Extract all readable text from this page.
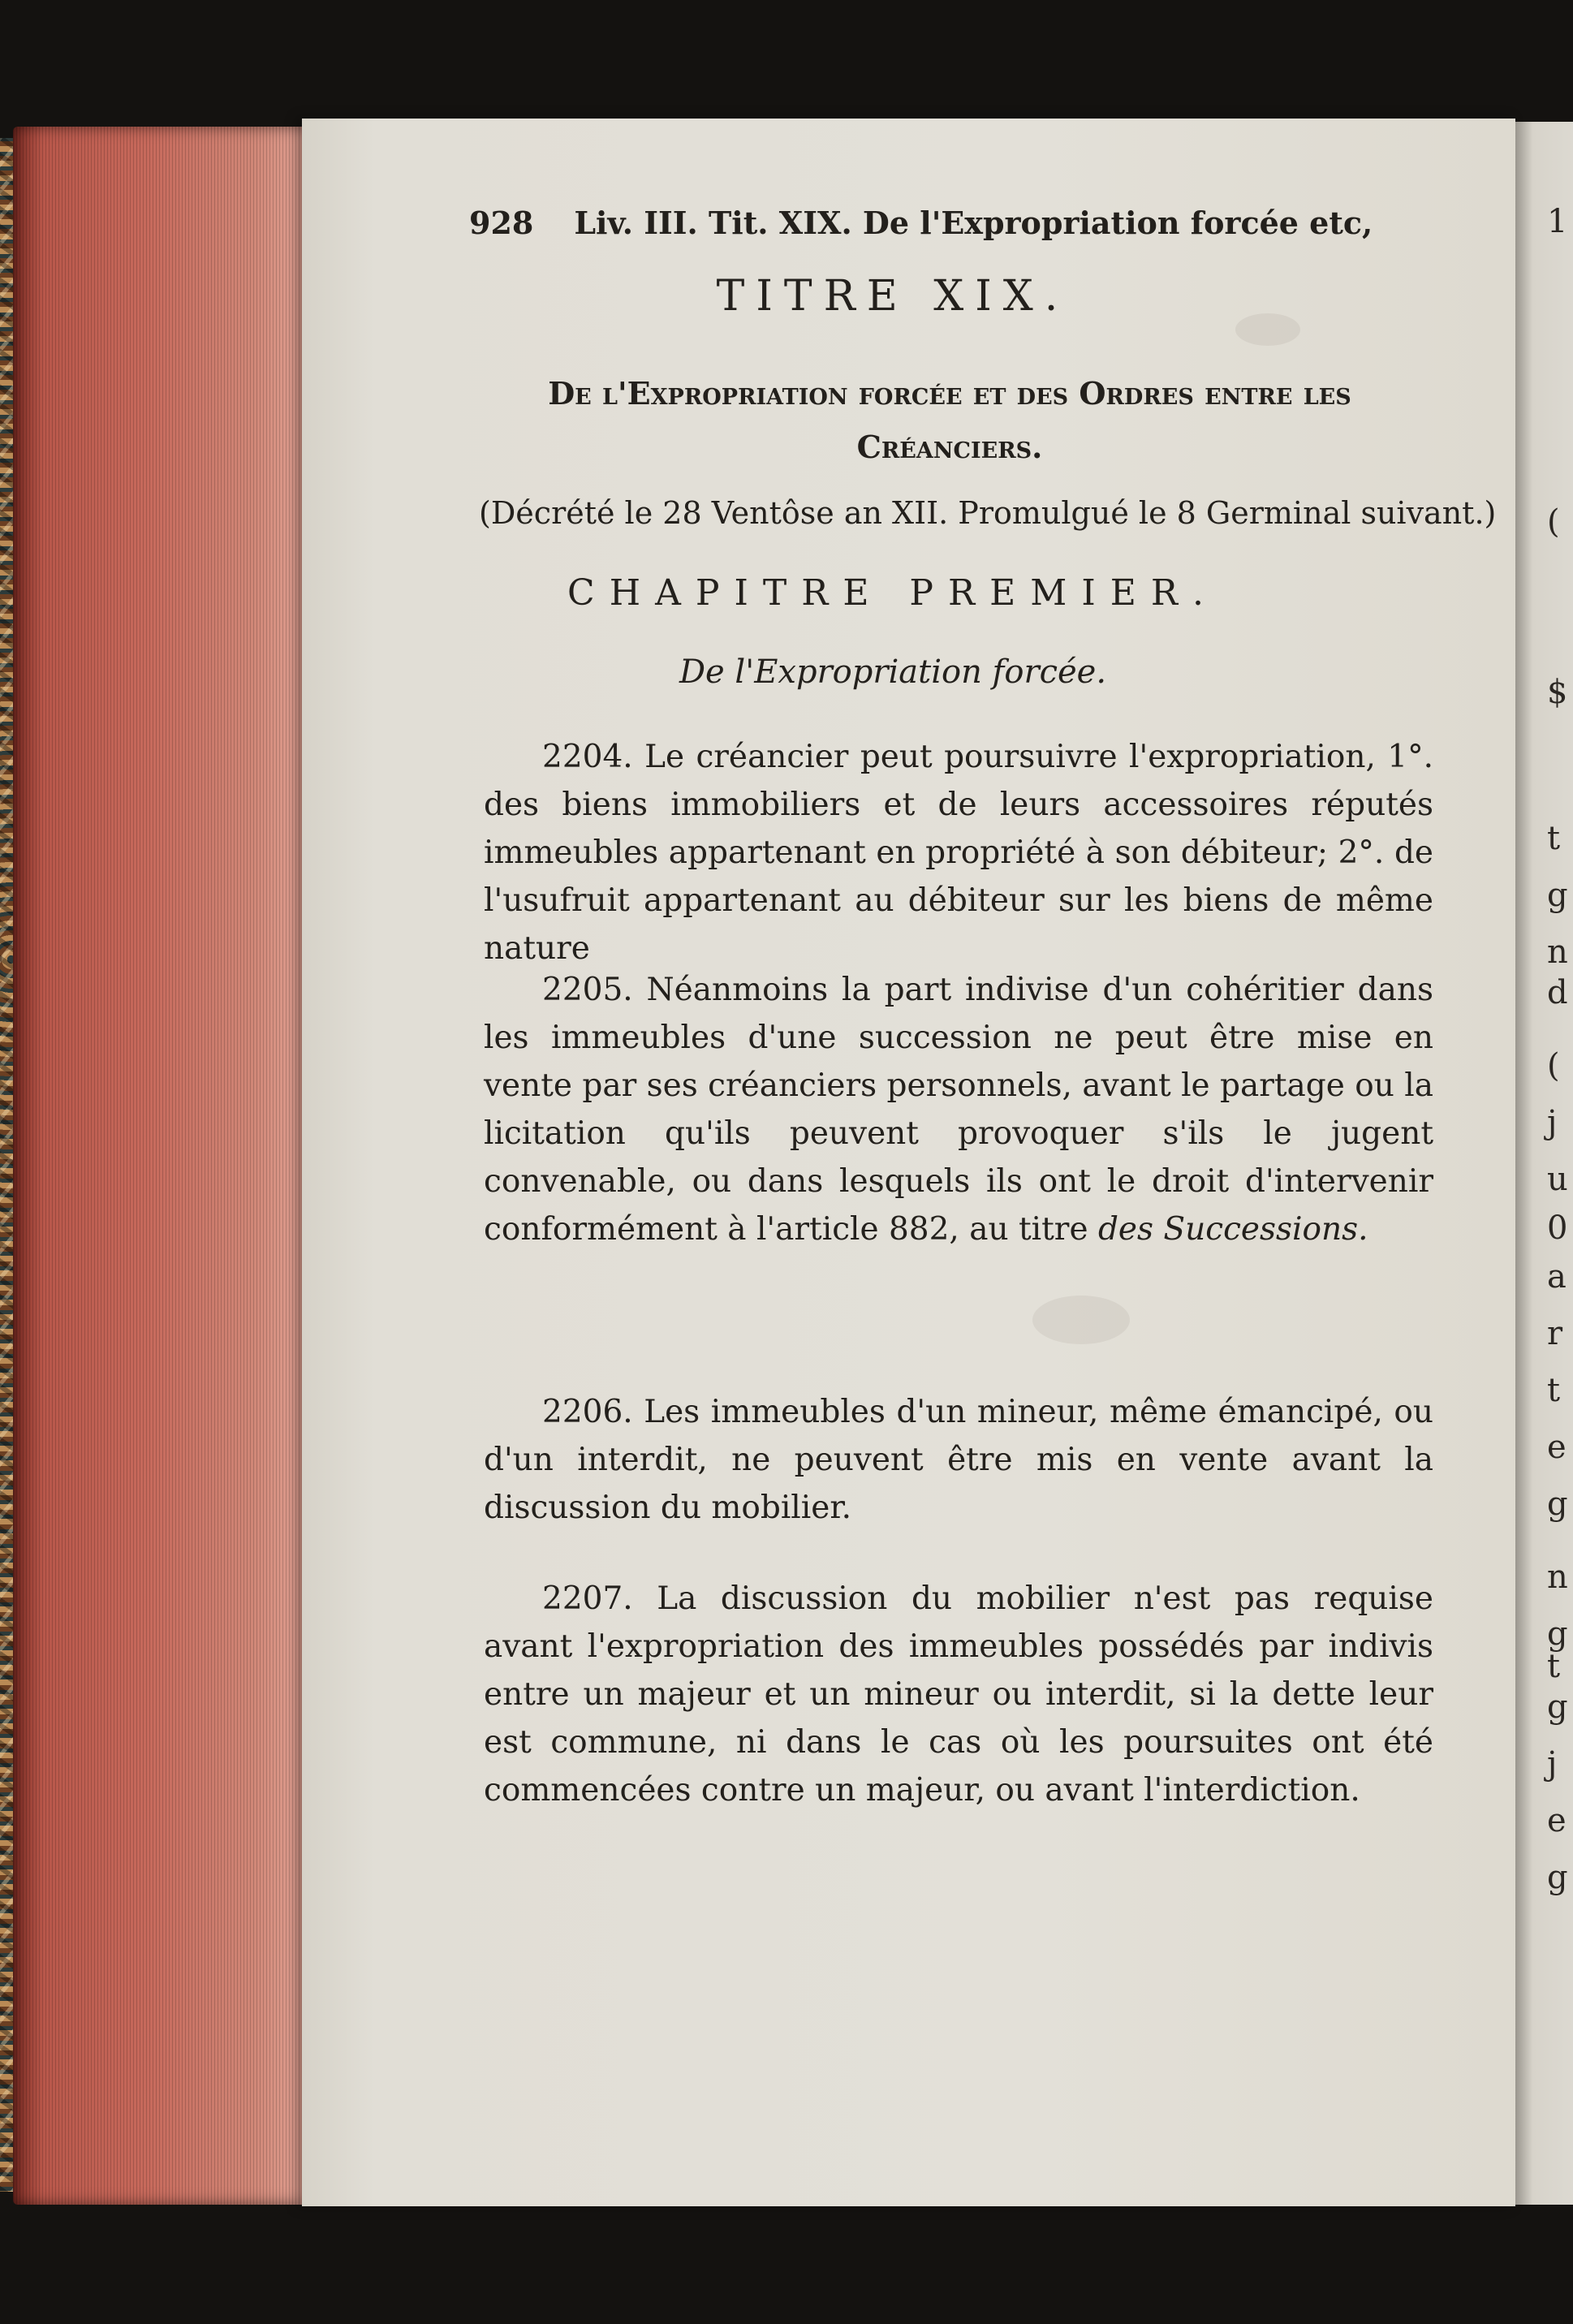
1
(
$
t
g
n
d
(
j
u
0
a
r
t
e
g
n
g
t
g
j
e
g
928 Liv. III. Tit. XIX. De l'Expropriation forcée etc,
TITRE XIX.
De l'Expropriation forcée et des Ordres entre les Créanciers.
(Décrété le 28 Ventôse an XII. Promulgué le 8 Germinal suivant.)
CHAPITRE PREMIER.
De l'Expropriation forcée.
2204. Le créancier peut poursuivre l'expropriation, 1°. des biens immobiliers et de leurs accessoires réputés immeubles appartenant en propriété à son débiteur; 2°. de l'usufruit appartenant au débiteur sur les biens de même nature
2205. Néanmoins la part indivise d'un cohéritier dans les immeubles d'une succession ne peut être mise en vente par ses créanciers personnels, avant le partage ou la licitation qu'ils peuvent provoquer s'ils le jugent convenable, ou dans lesquels ils ont le droit d'intervenir conformément à l'article 882, au titre des Successions.
2206. Les immeubles d'un mineur, même émancipé, ou d'un interdit, ne peuvent être mis en vente avant la discussion du mobilier.
2207. La discussion du mobilier n'est pas requise avant l'expropriation des immeubles possédés par indivis entre un majeur et un mineur ou interdit, si la dette leur est commune, ni dans le cas où les poursuites ont été commencées contre un majeur, ou avant l'interdiction.
